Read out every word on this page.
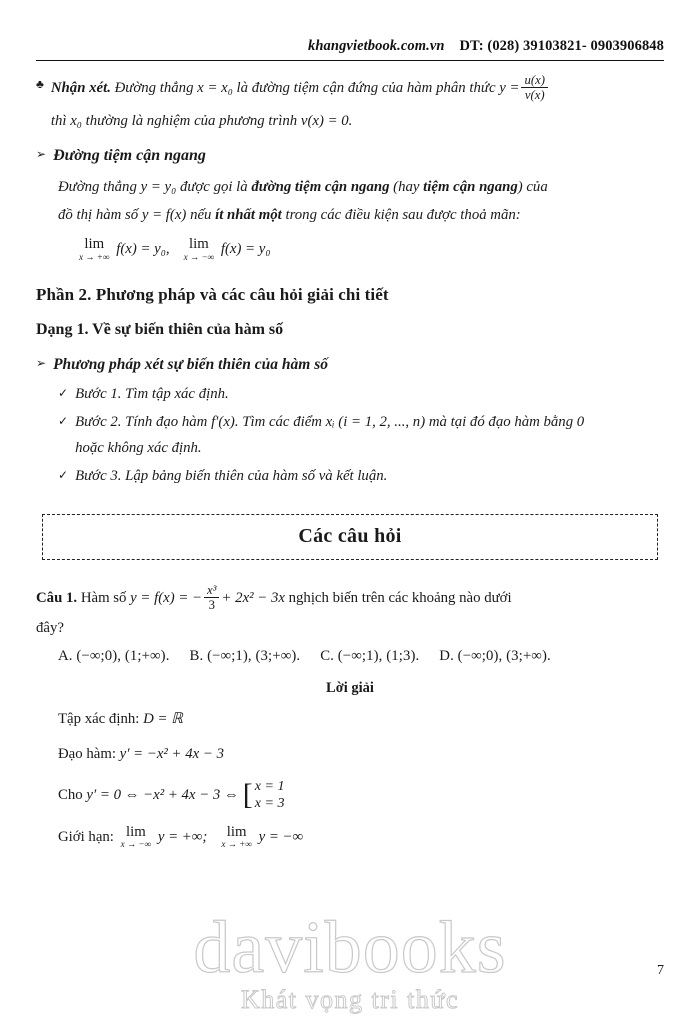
khangvietbook.com.vn DT: (028) 39103821- 0903906848
♣ Nhận xét. Đường thẳng x = x₀ là đường tiệm cận đứng của hàm phân thức $y = \frac{u(x)}{v(x)}$
thì x₀ thường là nghiệm của phương trình v(x) = 0.
➢ Đường tiệm cận ngang
Đường thẳng y = y₀ được gọi là đường tiệm cận ngang (hay tiệm cận ngang) của
đồ thị hàm số y = f(x) nếu ít nhất một trong các điều kiện sau được thoả mãn:
lim
x → +∞ f(x) = y₀,	lim
x → −∞ f(x) = y₀
Phần 2. Phương pháp và các câu hỏi giải chi tiết
Dạng 1. Về sự biến thiên của hàm số
➢ Phương pháp xét sự biến thiên của hàm số
✓ Bước 1. Tìm tập xác định.
✓ Bước 2. Tính đạo hàm f′(x). Tìm các điểm xᵢ (i = 1, 2, ..., n) mà tại đó đạo hàm bằng 0
hoặc không xác định.
✓ Bước 3. Lập bảng biến thiên của hàm số và kết luận.
Các câu hỏi
Câu 1. Hàm số y = f(x) = − $\frac{\text{x³}}{3} + 2x^2 - 3x$ nghịch biến trên các khoảng nào dưới
đây?
A. (−∞;0), (1;+∞). B. (−∞;1), (3;+∞). C. (−∞;1), (1;3). D. (−∞;0), (3;+∞).
Lời giải
Tập xác định: D = ℝ
Đạo hàm: y′ = −x² + 4x − 3
Cho y′ = 0 ⇔ −x² + 4x − 3 ⇔ [ x = 1
x = 3
Giới hạn: lim
x → −∞ y = +∞;	lim
x → +∞ y = −∞
davibooks
Khát vọng tri thức
7
